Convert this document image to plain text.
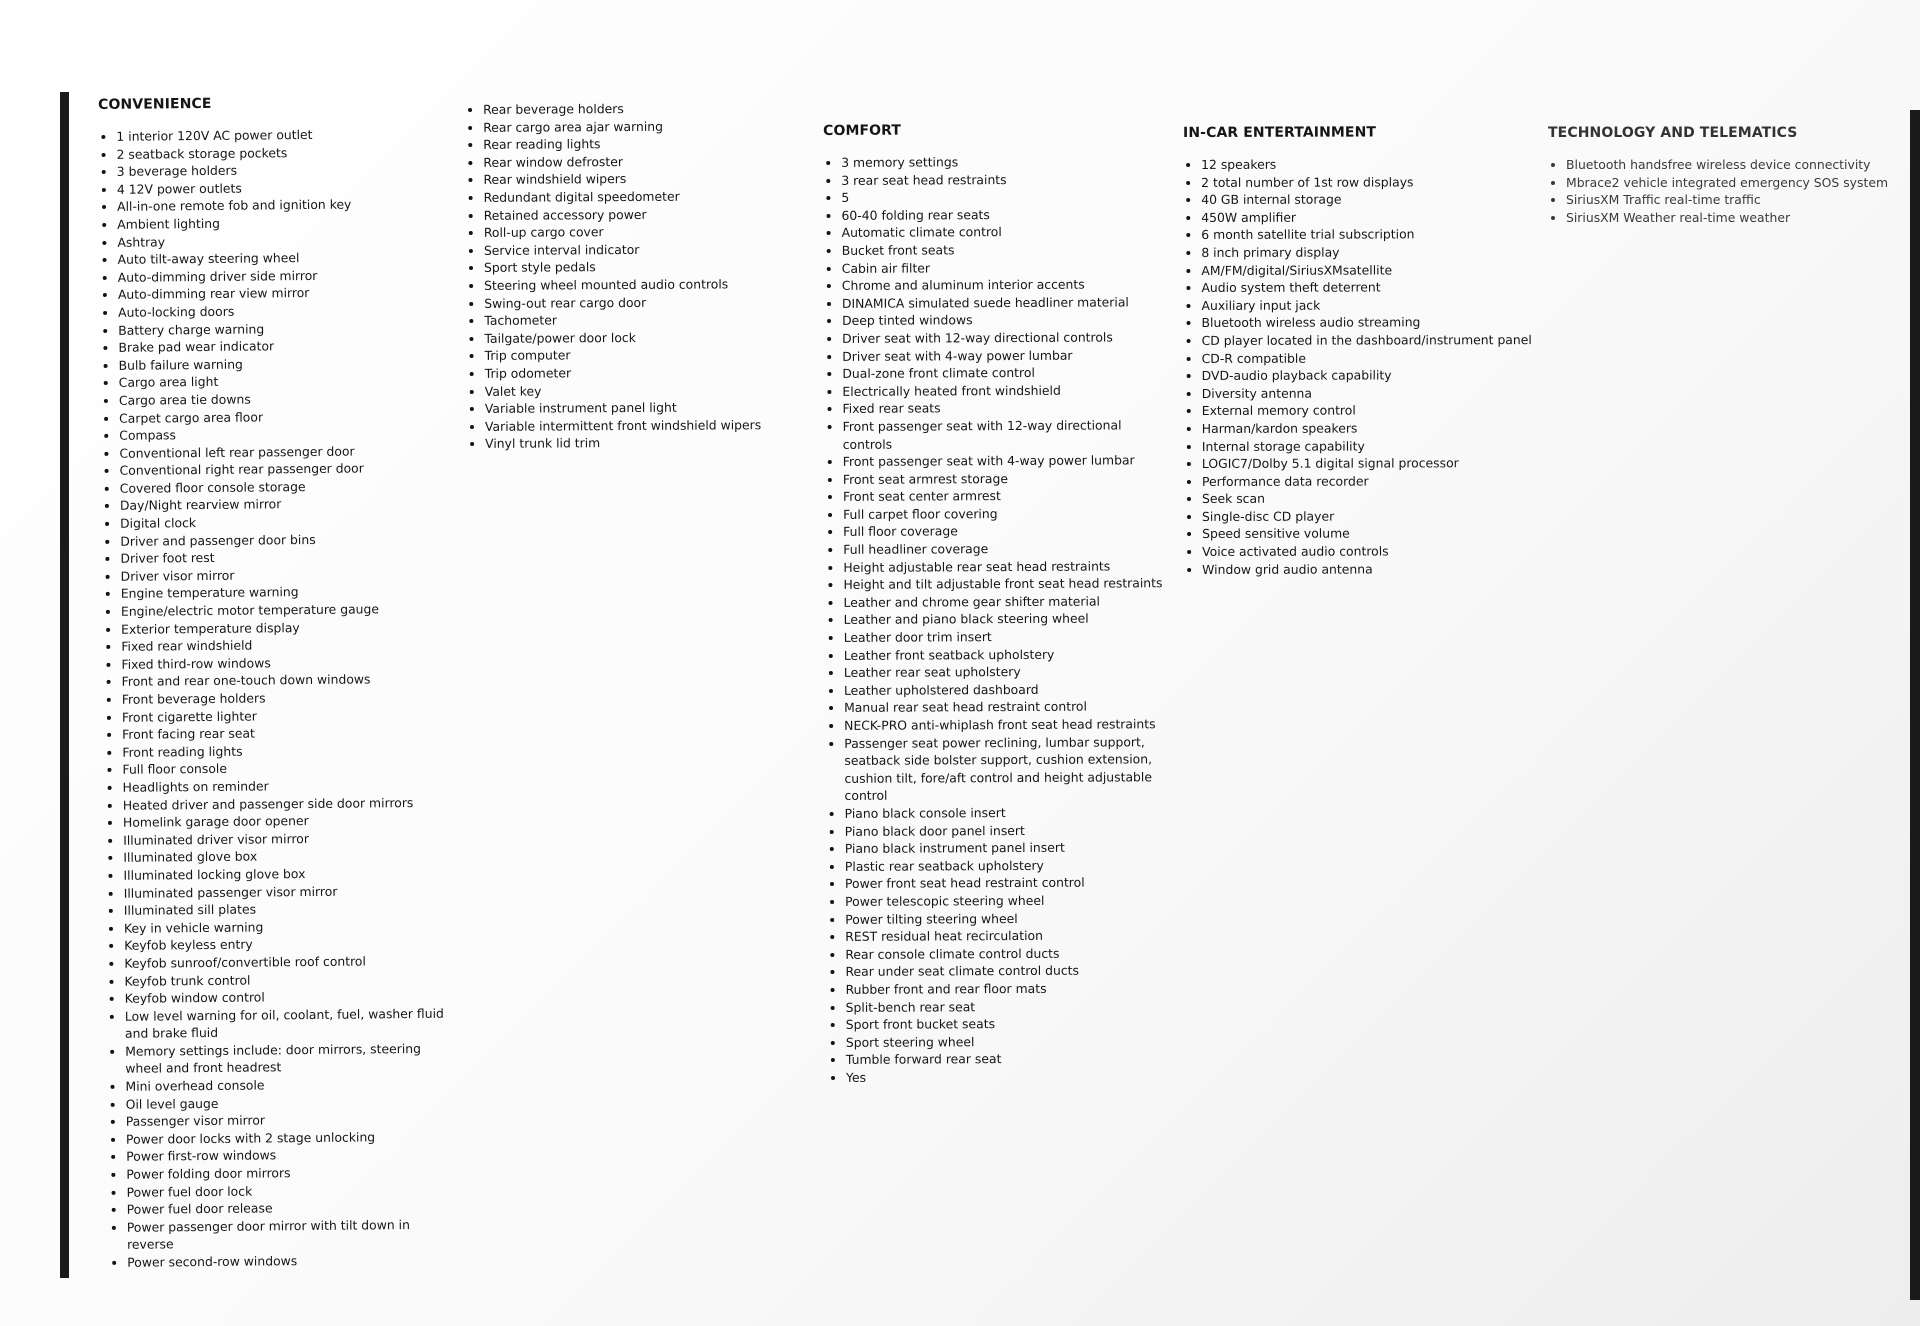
CONVENIENCE
• 1 interior 120V AC power outlet
• 2 seatback storage pockets
• 3 beverage holders
• 4 12V power outlets
• All-in-one remote fob and ignition key
• Ambient lighting
• Ashtray
• Auto tilt-away steering wheel
• Auto-dimming driver side mirror
• Auto-dimming rear view mirror
• Auto-locking doors
• Battery charge warning
• Brake pad wear indicator
• Bulb failure warning
• Cargo area light
• Cargo area tie downs
• Carpet cargo area floor
• Compass
• Conventional left rear passenger door
• Conventional right rear passenger door
• Covered floor console storage
• Day/Night rearview mirror
• Digital clock
• Driver and passenger door bins
• Driver foot rest
• Driver visor mirror
• Engine temperature warning
• Engine/electric motor temperature gauge
• Exterior temperature display
• Fixed rear windshield
• Fixed third-row windows
• Front and rear one-touch down windows
• Front beverage holders
• Front cigarette lighter
• Front facing rear seat
• Front reading lights
• Full floor console
• Headlights on reminder
• Heated driver and passenger side door mirrors
• Homelink garage door opener
• Illuminated driver visor mirror
• Illuminated glove box
• Illuminated locking glove box
• Illuminated passenger visor mirror
• Illuminated sill plates
• Key in vehicle warning
• Keyfob keyless entry
• Keyfob sunroof/convertible roof control
• Keyfob trunk control
• Keyfob window control
• Low level warning for oil, coolant, fuel, washer fluid and brake fluid
• Memory settings include: door mirrors, steering wheel and front headrest
• Mini overhead console
• Oil level gauge
• Passenger visor mirror
• Power door locks with 2 stage unlocking
• Power first-row windows
• Power folding door mirrors
• Power fuel door lock
• Power fuel door release
• Power passenger door mirror with tilt down in reverse
• Power second-row windows
• Rear beverage holders
• Rear cargo area ajar warning
• Rear reading lights
• Rear window defroster
• Rear windshield wipers
• Redundant digital speedometer
• Retained accessory power
• Roll-up cargo cover
• Service interval indicator
• Sport style pedals
• Steering wheel mounted audio controls
• Swing-out rear cargo door
• Tachometer
• Tailgate/power door lock
• Trip computer
• Trip odometer
• Valet key
• Variable instrument panel light
• Variable intermittent front windshield wipers
• Vinyl trunk lid trim
COMFORT
• 3 memory settings
• 3 rear seat head restraints
• 5
• 60-40 folding rear seats
• Automatic climate control
• Bucket front seats
• Cabin air filter
• Chrome and aluminum interior accents
• DINAMICA simulated suede headliner material
• Deep tinted windows
• Driver seat with 12-way directional controls
• Driver seat with 4-way power lumbar
• Dual-zone front climate control
• Electrically heated front windshield
• Fixed rear seats
• Front passenger seat with 12-way directional controls
• Front passenger seat with 4-way power lumbar
• Front seat armrest storage
• Front seat center armrest
• Full carpet floor covering
• Full floor coverage
• Full headliner coverage
• Height adjustable rear seat head restraints
• Height and tilt adjustable front seat head restraints
• Leather and chrome gear shifter material
• Leather and piano black steering wheel
• Leather door trim insert
• Leather front seatback upholstery
• Leather rear seat upholstery
• Leather upholstered dashboard
• Manual rear seat head restraint control
• NECK-PRO anti-whiplash front seat head restraints
• Passenger seat power reclining, lumbar support, seatback side bolster support, cushion extension, cushion tilt, fore/aft control and height adjustable control
• Piano black console insert
• Piano black door panel insert
• Piano black instrument panel insert
• Plastic rear seatback upholstery
• Power front seat head restraint control
• Power telescopic steering wheel
• Power tilting steering wheel
• REST residual heat recirculation
• Rear console climate control ducts
• Rear under seat climate control ducts
• Rubber front and rear floor mats
• Split-bench rear seat
• Sport front bucket seats
• Sport steering wheel
• Tumble forward rear seat
• Yes
IN-CAR ENTERTAINMENT
• 12 speakers
• 2 total number of 1st row displays
• 40 GB internal storage
• 450W amplifier
• 6 month satellite trial subscription
• 8 inch primary display
• AM/FM/digital/SiriusXMsatellite
• Audio system theft deterrent
• Auxiliary input jack
• Bluetooth wireless audio streaming
• CD player located in the dashboard/instrument panel
• CD-R compatible
• DVD-audio playback capability
• Diversity antenna
• External memory control
• Harman/kardon speakers
• Internal storage capability
• LOGIC7/Dolby 5.1 digital signal processor
• Performance data recorder
• Seek scan
• Single-disc CD player
• Speed sensitive volume
• Voice activated audio controls
• Window grid audio antenna
TECHNOLOGY AND TELEMATICS
• Bluetooth handsfree wireless device connectivity
• Mbrace2 vehicle integrated emergency SOS system
• SiriusXM Traffic real-time traffic
• SiriusXM Weather real-time weather
